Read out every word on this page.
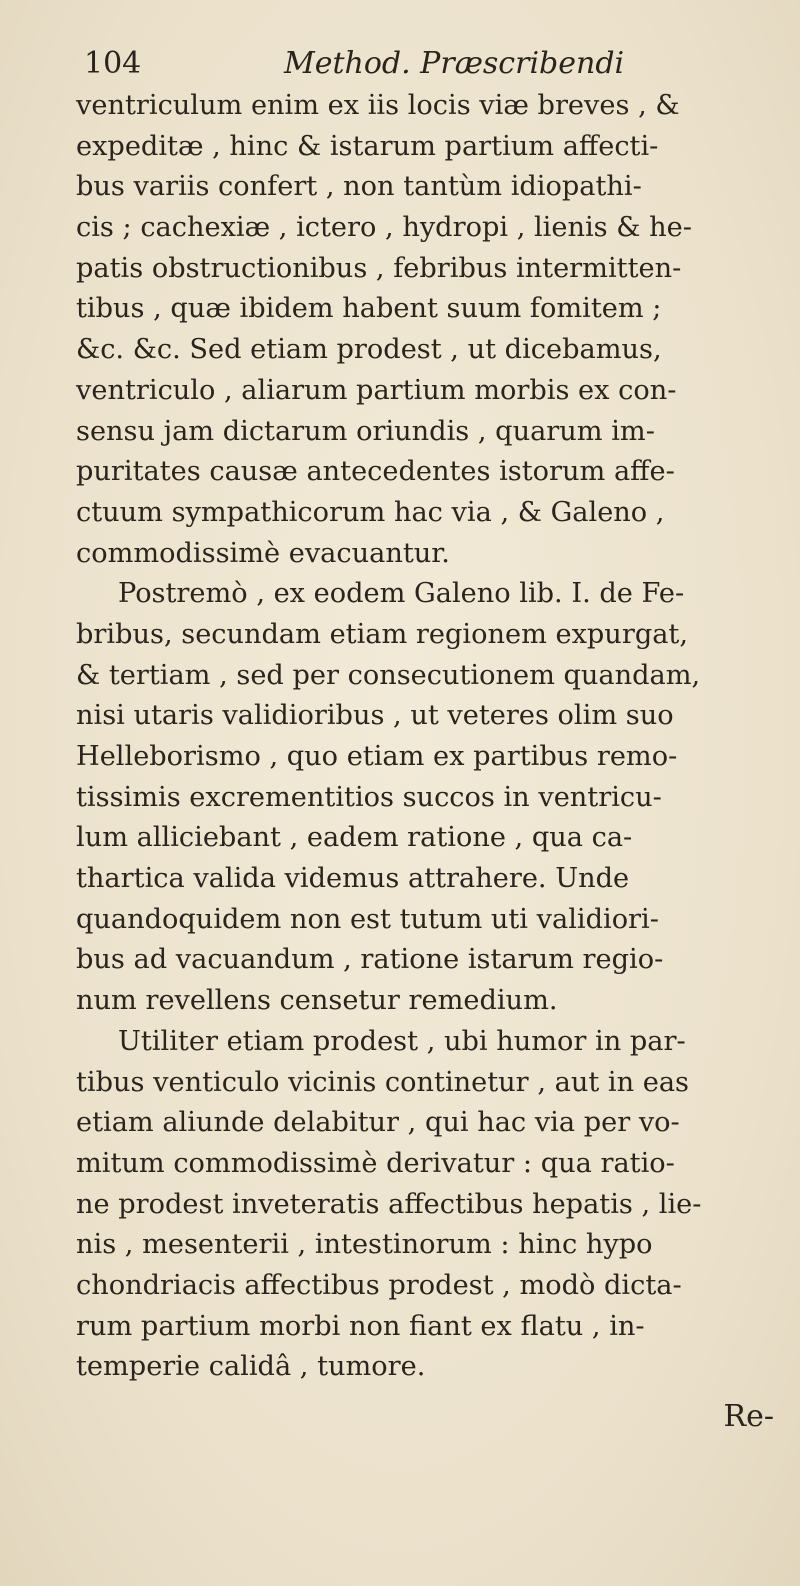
104	Method. Præscribendi
ventriculum enim ex iis locis viæ breves , &
expeditæ , hinc & istarum partium affecti-
bus variis confert , non tantùm idiopathi-
cis ; cachexiæ , ictero , hydropi , lienis & he-
patis obstructionibus , febribus intermitten-
tibus , quæ ibidem habent suum fomitem ;
&c. &c. Sed etiam prodest , ut dicebamus,
ventriculo , aliarum partium morbis ex con-
sensu jam dictarum oriundis , quarum im-
puritates causæ antecedentes istorum affe-
ctuum sympathicorum hac via , & Galeno ,
commodissimè evacuantur.
Postremò , ex eodem Galeno lib. I. de Fe-
bribus, secundam etiam regionem expurgat,
& tertiam , sed per consecutionem quandam,
nisi utaris validioribus , ut veteres olim suo
Helleborismo , quo etiam ex partibus remo-
tissimis excrementitios succos in ventricu-
lum alliciebant , eadem ratione , qua ca-
thartica valida videmus attrahere. Unde
quandoquidem non est tutum uti validiori-
bus ad vacuandum , ratione istarum regio-
num revellens censetur remedium.
Utiliter etiam prodest , ubi humor in par-
tibus venticulo vicinis continetur , aut in eas
etiam aliunde delabitur , qui hac via per vo-
mitum commodissimè derivatur : qua ratio-
ne prodest inveteratis affectibus hepatis , lie-
nis , mesenterii , intestinorum : hinc hypo
chondriacis affectibus prodest , modò dicta-
rum partium morbi non fiant ex flatu , in-
temperie calidâ , tumore.
Re-
